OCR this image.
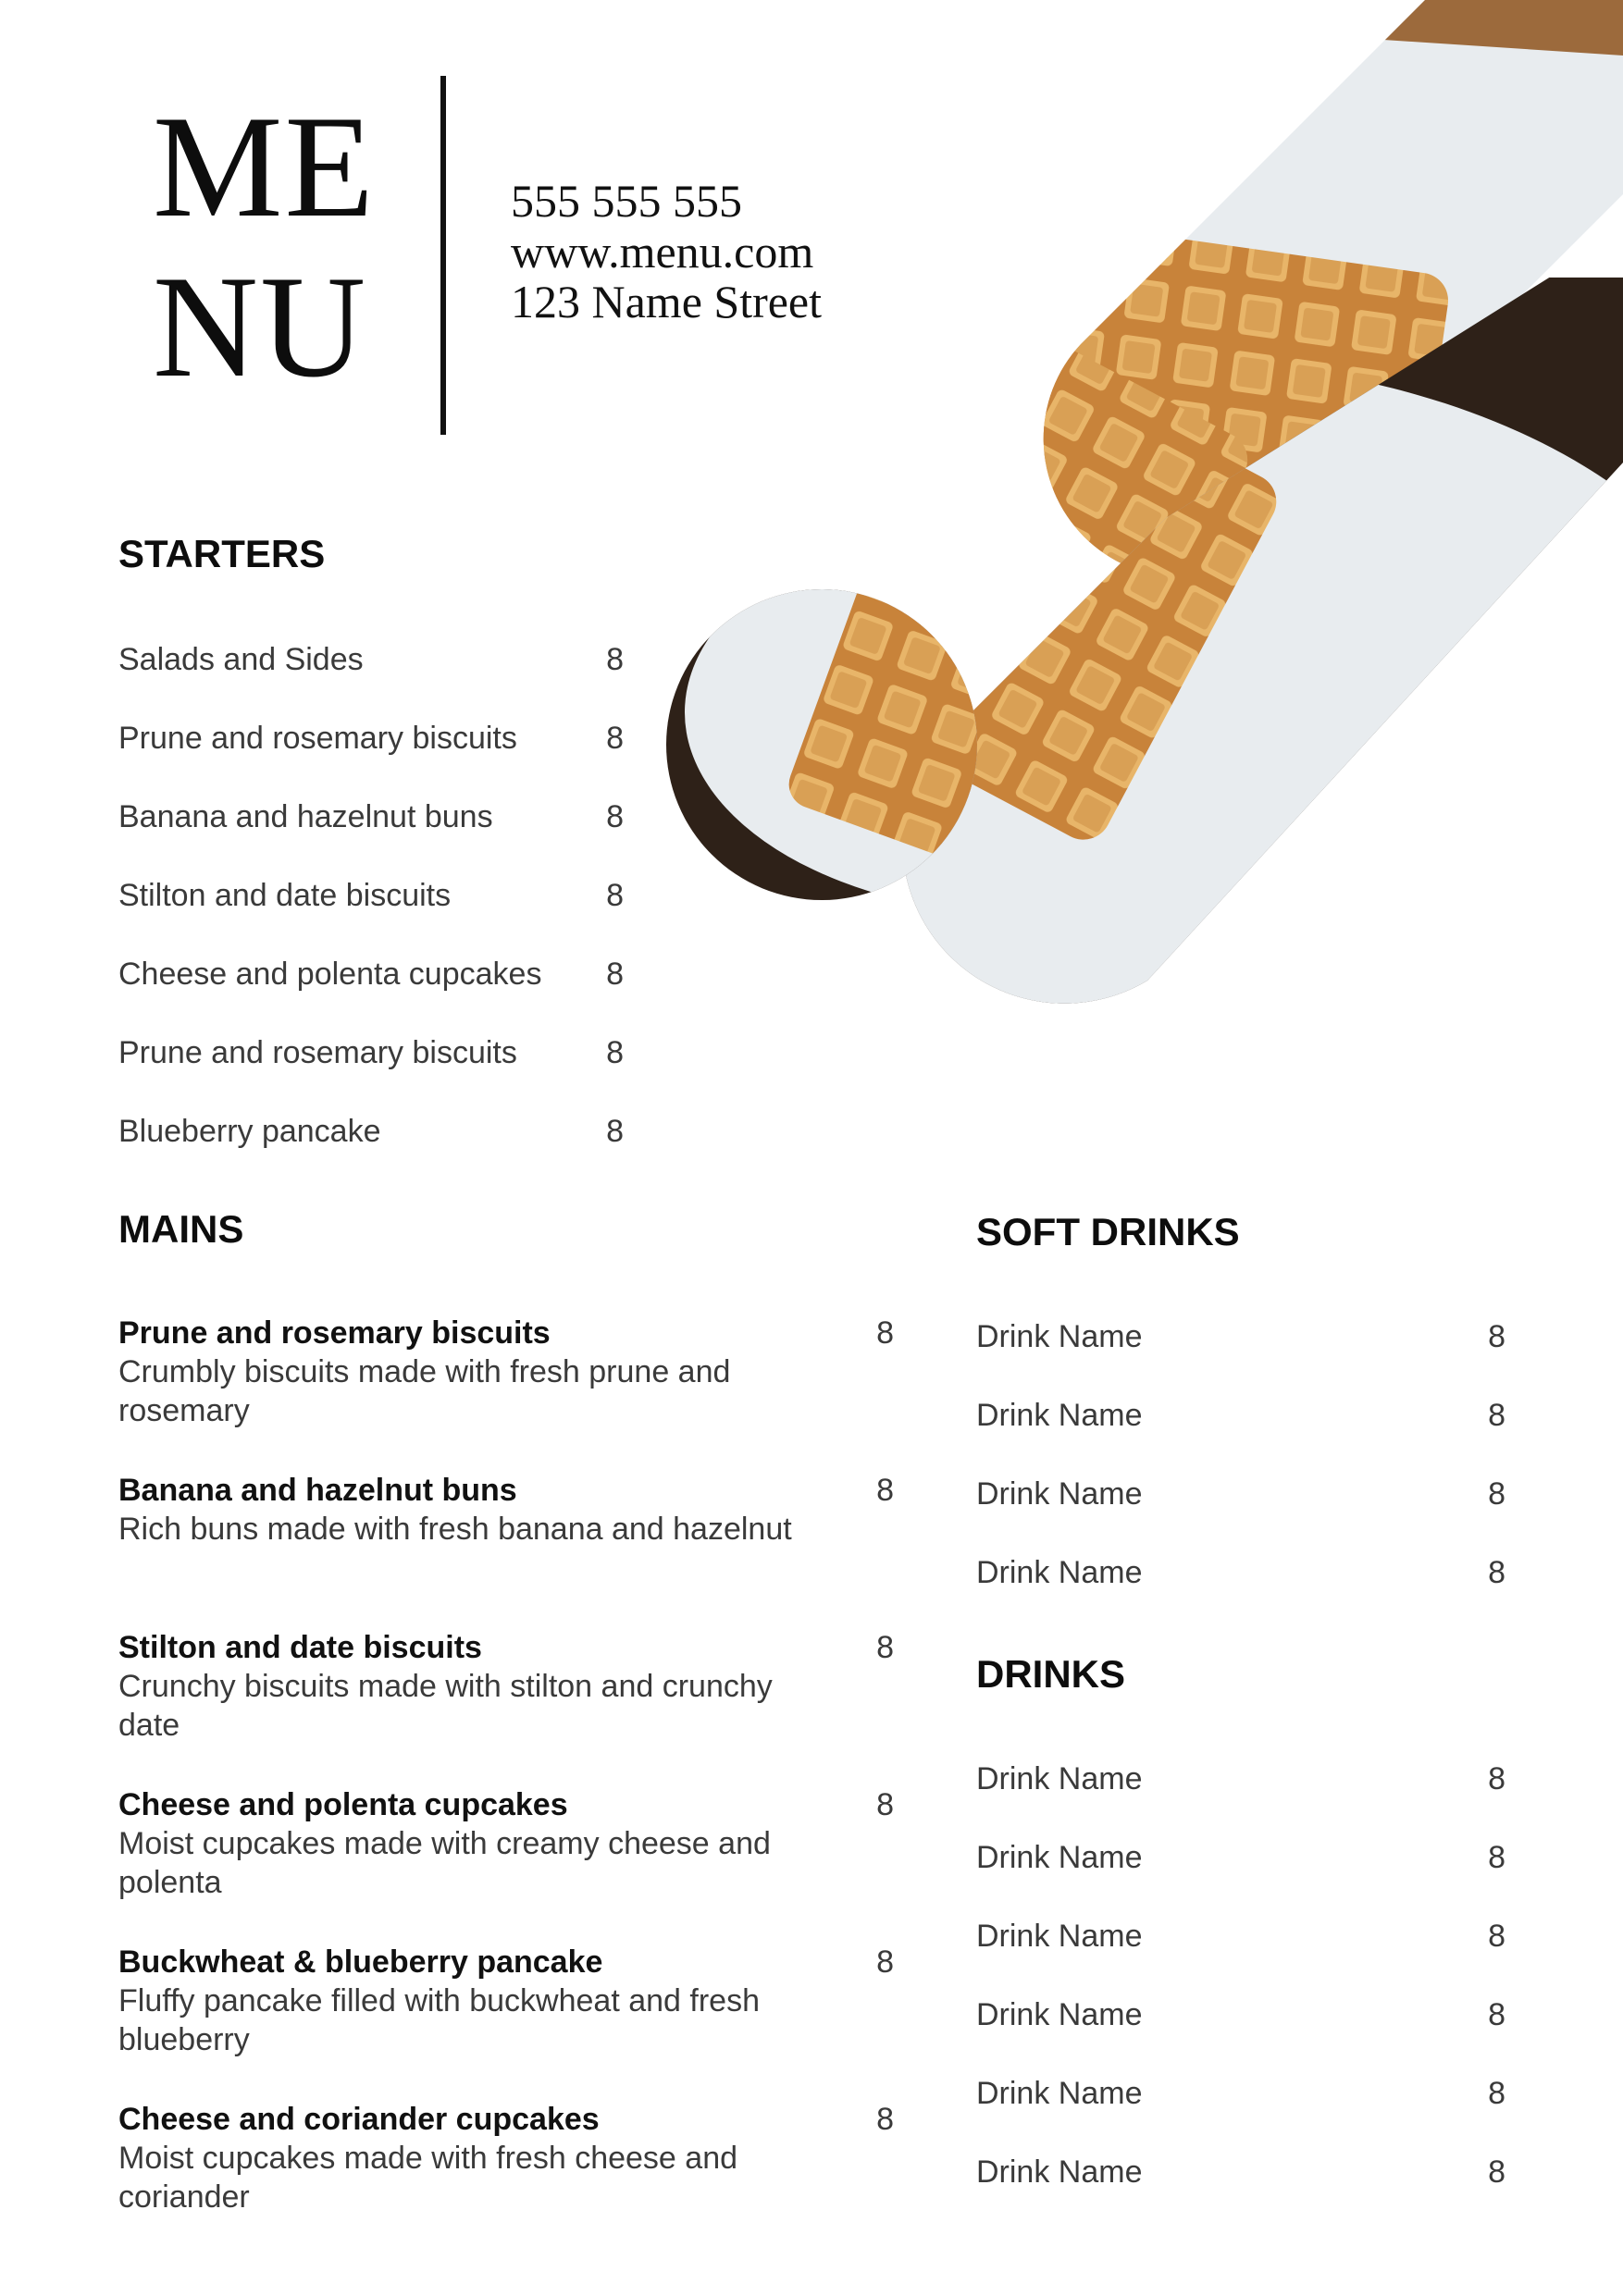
ME
NU
555 555 555
www.menu.com
123 Name Street
STARTERS
Salads and Sides	8
Prune and rosemary biscuits	8
Banana and hazelnut buns	8
Stilton and date biscuits	8
Cheese and polenta cupcakes 8
Prune and rosemary biscuits	8
Blueberry pancake	8
MAINS
Prune and rosemary biscuits
Crumbly biscuits made with fresh prune and rosemary
8
Banana and hazelnut buns
Rich buns made with fresh banana and hazelnut
8
Stilton and date biscuits
Crunchy biscuits made with stilton and crunchy date
8
Cheese and polenta cupcakes
Moist cupcakes made with creamy cheese and polenta
8
Buckwheat & blueberry pancake
Fluffy pancake filled with buckwheat and fresh blueberry
8
Cheese and coriander cupcakes
Moist cupcakes made with fresh cheese and coriander
8
SOFT DRINKS
Drink Name	8
Drink Name	8
Drink Name	8
Drink Name	8
DRINKS
Drink Name	8
Drink Name	8
Drink Name	8
Drink Name	8
Drink Name	8
Drink Name	8
